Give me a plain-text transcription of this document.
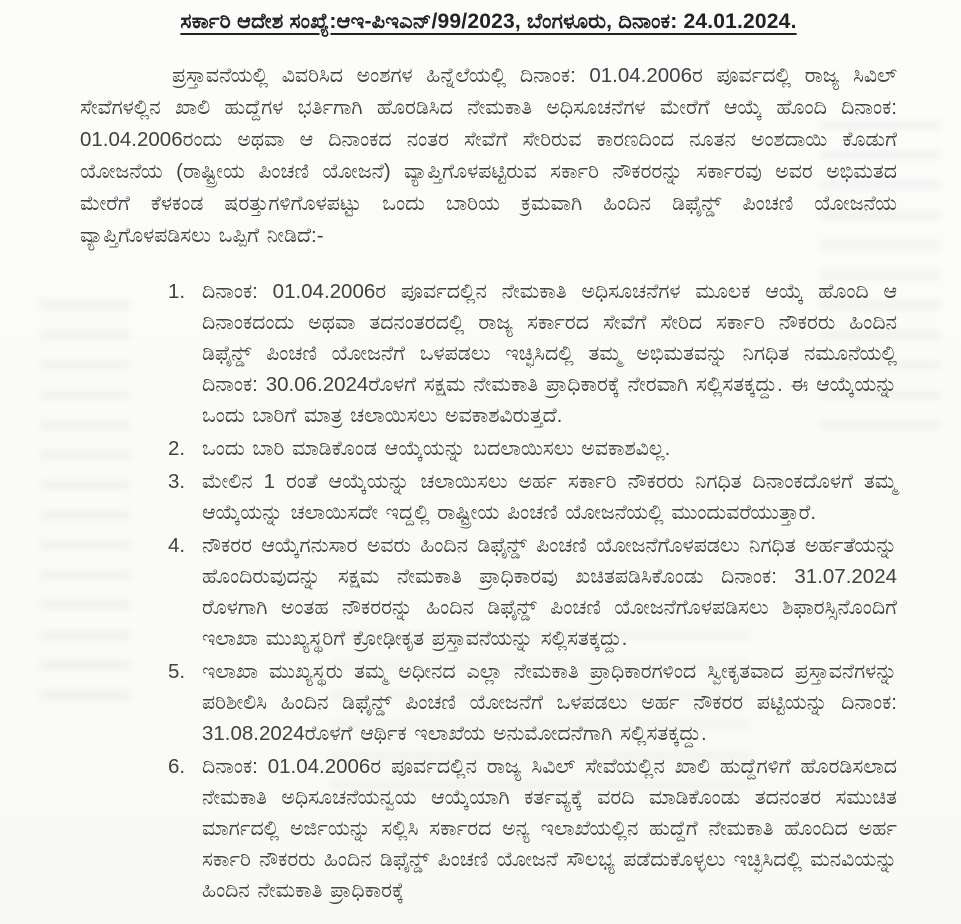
ಸರ್ಕಾರಿ ಆದೇಶ ಸಂಖ್ಯೆ:ಆಇ-ಪಿಇಎನ್/99/2023, ಬೆಂಗಳೂರು, ದಿನಾಂಕ: 24.01.2024.

ಪ್ರಸ್ತಾವನೆಯಲ್ಲಿ ವಿವರಿಸಿದ ಅಂಶಗಳ ಹಿನ್ನೆಲೆಯಲ್ಲಿ ದಿನಾಂಕ: 01.04.2006ರ ಪೂರ್ವದಲ್ಲಿ ರಾಜ್ಯ ಸಿವಿಲ್ ಸೇವೆಗಳಲ್ಲಿನ ಖಾಲಿ ಹುದ್ದೆಗಳ ಭರ್ತಿಗಾಗಿ ಹೊರಡಿಸಿದ ನೇಮಕಾತಿ ಅಧಿಸೂಚನೆಗಳ ಮೇರೆಗೆ ಆಯ್ಕೆ ಹೊಂದಿ ದಿನಾಂಕ: 01.04.2006ರಂದು ಅಥವಾ ಆ ದಿನಾಂಕದ ನಂತರ ಸೇವೆಗೆ ಸೇರಿರುವ ಕಾರಣದಿಂದ ನೂತನ ಅಂಶದಾಯಿ ಕೊಡುಗೆ ಯೋಜನೆಯ (ರಾಷ್ಟ್ರೀಯ ಪಿಂಚಣಿ ಯೋಜನೆ) ವ್ಯಾಪ್ತಿಗೊಳಪಟ್ಟಿರುವ ಸರ್ಕಾರಿ ನೌಕರರನ್ನು ಸರ್ಕಾರವು ಅವರ ಅಭಿಮತದ ಮೇರೆಗೆ ಕೆಳಕಂಡ ಷರತ್ತುಗಳಿಗೊಳಪಟ್ಟು ಒಂದು ಬಾರಿಯ ಕ್ರಮವಾಗಿ ಹಿಂದಿನ ಡಿಫೈನ್ಡ್ ಪಿಂಚಣಿ ಯೋಜನೆಯ ವ್ಯಾಪ್ತಿಗೊಳಪಡಿಸಲು ಒಪ್ಪಿಗೆ ನೀಡಿದೆ:-

1. ದಿನಾಂಕ: 01.04.2006ರ ಪೂರ್ವದಲ್ಲಿನ ನೇಮಕಾತಿ ಅಧಿಸೂಚನೆಗಳ ಮೂಲಕ ಆಯ್ಕೆ ಹೊಂದಿ ಆ ದಿನಾಂಕದಂದು ಅಥವಾ ತದನಂತರದಲ್ಲಿ ರಾಜ್ಯ ಸರ್ಕಾರದ ಸೇವೆಗೆ ಸೇರಿದ ಸರ್ಕಾರಿ ನೌಕರರು ಹಿಂದಿನ ಡಿಫೈನ್ಡ್ ಪಿಂಚಣಿ ಯೋಜನೆಗೆ ಒಳಪಡಲು ಇಚ್ಛಿಸಿದಲ್ಲಿ ತಮ್ಮ ಅಭಿಮತವನ್ನು ನಿಗಧಿತ ನಮೂನೆಯಲ್ಲಿ ದಿನಾಂಕ: 30.06.2024ರೊಳಗೆ ಸಕ್ಷಮ ನೇಮಕಾತಿ ಪ್ರಾಧಿಕಾರಕ್ಕೆ ನೇರವಾಗಿ ಸಲ್ಲಿಸತಕ್ಕದ್ದು. ಈ ಆಯ್ಕೆಯನ್ನು ಒಂದು ಬಾರಿಗೆ ಮಾತ್ರ ಚಲಾಯಿಸಲು ಅವಕಾಶವಿರುತ್ತದೆ.
2. ಒಂದು ಬಾರಿ ಮಾಡಿಕೊಂಡ ಆಯ್ಕೆಯನ್ನು ಬದಲಾಯಿಸಲು ಅವಕಾಶವಿಲ್ಲ.
3. ಮೇಲಿನ 1 ರಂತೆ ಆಯ್ಕೆಯನ್ನು ಚಲಾಯಿಸಲು ಅರ್ಹ ಸರ್ಕಾರಿ ನೌಕರರು ನಿಗಧಿತ ದಿನಾಂಕದೊಳಗೆ ತಮ್ಮ ಆಯ್ಕೆಯನ್ನು ಚಲಾಯಿಸದೇ ಇದ್ದಲ್ಲಿ ರಾಷ್ಟ್ರೀಯ ಪಿಂಚಣಿ ಯೋಜನೆಯಲ್ಲಿ ಮುಂದುವರೆಯುತ್ತಾರೆ.
4. ನೌಕರರ ಆಯ್ಕೆಗನುಸಾರ ಅವರು ಹಿಂದಿನ ಡಿಫೈನ್ಡ್ ಪಿಂಚಣಿ ಯೋಜನೆಗೊಳಪಡಲು ನಿಗಧಿತ ಅರ್ಹತೆಯನ್ನು ಹೊಂದಿರುವುದನ್ನು ಸಕ್ಷಮ ನೇಮಕಾತಿ ಪ್ರಾಧಿಕಾರವು ಖಚಿತಪಡಿಸಿಕೊಂಡು ದಿನಾಂಕ: 31.07.2024 ರೊಳಗಾಗಿ ಅಂತಹ ನೌಕರರನ್ನು ಹಿಂದಿನ ಡಿಫೈನ್ಡ್ ಪಿಂಚಣಿ ಯೋಜನೆಗೊಳಪಡಿಸಲು ಶಿಫಾರಸ್ಸಿನೊಂದಿಗೆ ಇಲಾಖಾ ಮುಖ್ಯಸ್ಥರಿಗೆ ಕ್ರೋಢೀಕೃತ ಪ್ರಸ್ತಾವನೆಯನ್ನು ಸಲ್ಲಿಸತಕ್ಕದ್ದು.
5. ಇಲಾಖಾ ಮುಖ್ಯಸ್ಥರು ತಮ್ಮ ಅಧೀನದ ಎಲ್ಲಾ ನೇಮಕಾತಿ ಪ್ರಾಧಿಕಾರಗಳಿಂದ ಸ್ವೀಕೃತವಾದ ಪ್ರಸ್ತಾವನೆಗಳನ್ನು ಪರಿಶೀಲಿಸಿ ಹಿಂದಿನ ಡಿಫೈನ್ಡ್ ಪಿಂಚಣಿ ಯೋಜನೆಗೆ ಒಳಪಡಲು ಅರ್ಹ ನೌಕರರ ಪಟ್ಟಿಯನ್ನು ದಿನಾಂಕ: 31.08.2024ರೊಳಗೆ ಆರ್ಥಿಕ ಇಲಾಖೆಯ ಅನುಮೋದನೆಗಾಗಿ ಸಲ್ಲಿಸತಕ್ಕದ್ದು.
6. ದಿನಾಂಕ: 01.04.2006ರ ಪೂರ್ವದಲ್ಲಿನ ರಾಜ್ಯ ಸಿವಿಲ್ ಸೇವೆಯಲ್ಲಿನ ಖಾಲಿ ಹುದ್ದೆಗಳಿಗೆ ಹೊರಡಿಸಲಾದ ನೇಮಕಾತಿ ಅಧಿಸೂಚನೆಯನ್ವಯ ಆಯ್ಕೆಯಾಗಿ ಕರ್ತವ್ಯಕ್ಕೆ ವರದಿ ಮಾಡಿಕೊಂಡು ತದನಂತರ ಸಮುಚಿತ ಮಾರ್ಗದಲ್ಲಿ ಅರ್ಜಿಯನ್ನು ಸಲ್ಲಿಸಿ ಸರ್ಕಾರದ ಅನ್ಯ ಇಲಾಖೆಯಲ್ಲಿನ ಹುದ್ದೆಗೆ ನೇಮಕಾತಿ ಹೊಂದಿದ ಅರ್ಹ ಸರ್ಕಾರಿ ನೌಕರರು ಹಿಂದಿನ ಡಿಫೈನ್ಡ್ ಪಿಂಚಣಿ ಯೋಜನೆ ಸೌಲಭ್ಯ ಪಡೆದುಕೊಳ್ಳಲು ಇಚ್ಛಿಸಿದಲ್ಲಿ ಮನವಿಯನ್ನು ಹಿಂದಿನ ನೇಮಕಾತಿ ಪ್ರಾಧಿಕಾರಕ್ಕೆ
